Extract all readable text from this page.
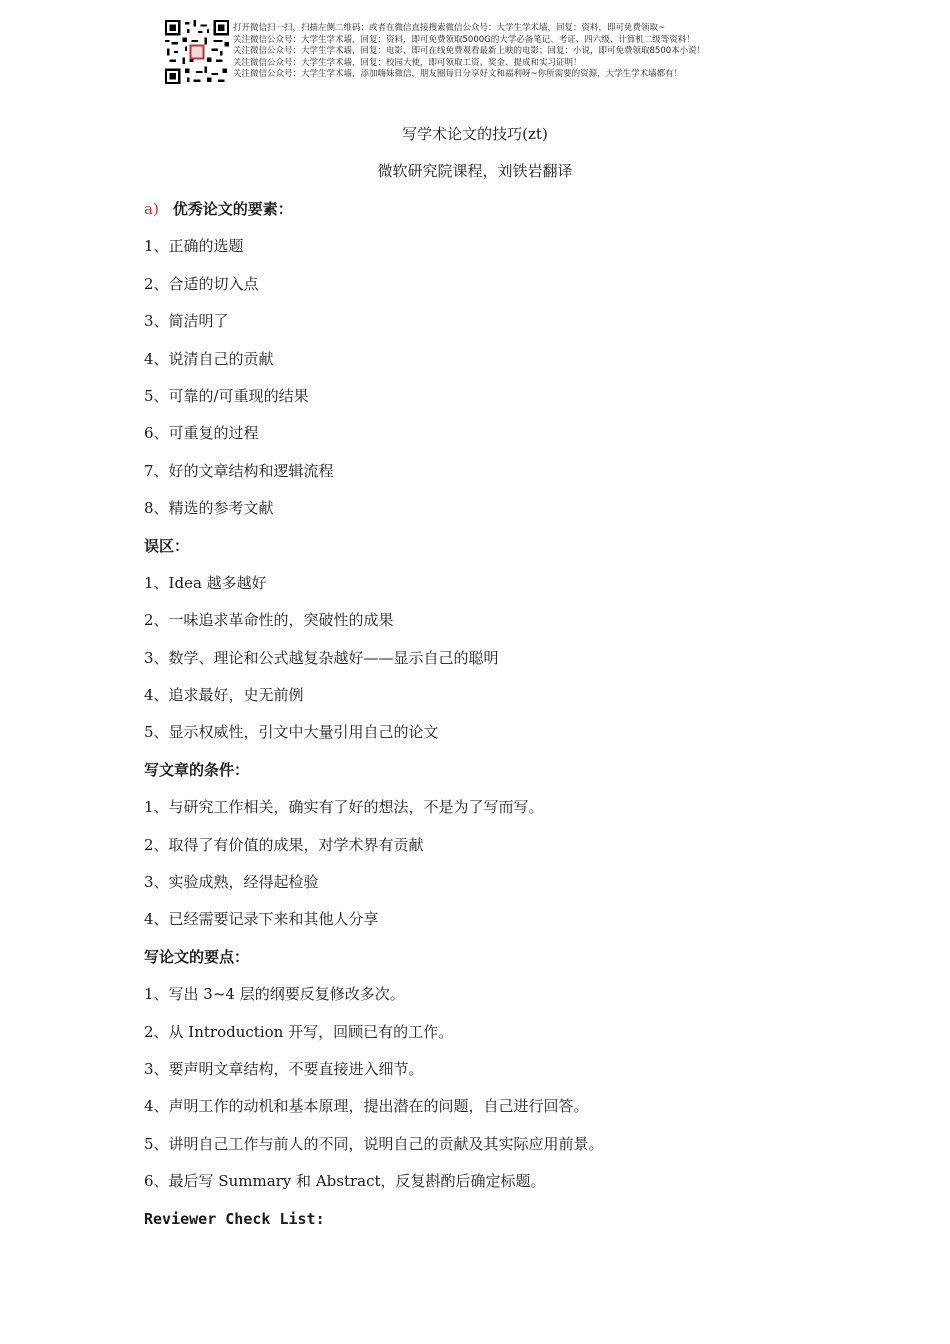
打开微信扫一扫，扫描左侧二维码；或者在微信直接搜索微信公众号：大学生学术墙，回复：资料，即可免费领取~
关注微信公众号：大学生学术墙，回复：资料，即可免费领取5000G的大学必备笔记、考证、四六级、计算机二级等资料！
关注微信公众号：大学生学术墙，回复：电影，即可在线免费观看最新上映的电影；回复：小说，即可免费领取8500本小说！
关注微信公众号：大学生学术墙，回复：校园大使，即可领取工资、奖金、提成和实习证明！
关注微信公众号：大学生学术墙，添加嗨妹微信，朋友圈每日分享好文和福利呀~你所需要的资源，大学生学术墙都有！
写学术论文的技巧(zt)
微软研究院课程，刘铁岩翻译
a) 优秀论文的要素：
1、正确的选题
2、合适的切入点
3、简洁明了
4、说清自己的贡献
5、可靠的/可重现的结果
6、可重复的过程
7、好的文章结构和逻辑流程
8、精选的参考文献
误区：
1、Idea 越多越好
2、一味追求革命性的，突破性的成果
3、数学、理论和公式越复杂越好——显示自己的聪明
4、追求最好，史无前例
5、显示权威性，引文中大量引用自己的论文
写文章的条件：
1、与研究工作相关，确实有了好的想法，不是为了写而写。
2、取得了有价值的成果，对学术界有贡献
3、实验成熟，经得起检验
4、已经需要记录下来和其他人分享
写论文的要点：
1、写出 3~4 层的纲要反复修改多次。
2、从 Introduction 开写，回顾已有的工作。
3、要声明文章结构，不要直接进入细节。
4、声明工作的动机和基本原理，提出潜在的问题，自己进行回答。
5、讲明自己工作与前人的不同，说明自己的贡献及其实际应用前景。
6、最后写 Summary 和 Abstract，反复斟酌后确定标题。
Reviewer Check List:
